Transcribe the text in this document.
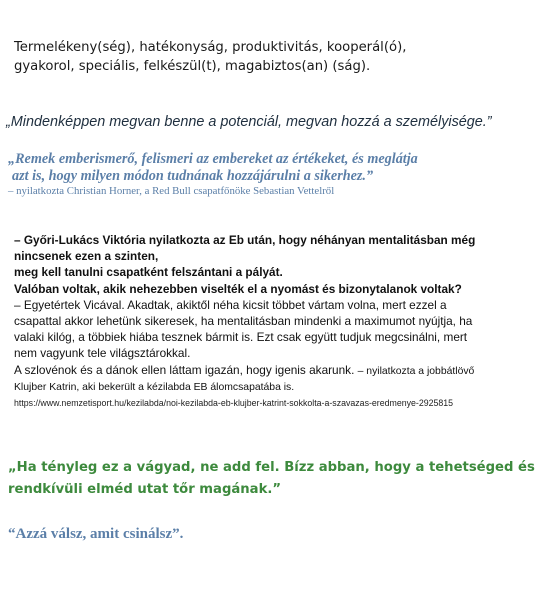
Termelékeny(ség), hatékonyság, produktivitás, kooperál(ó),
gyakorol, speciális, felkészül(t), magabiztos(an) (ság).
„Mindenképpen megvan benne a potenciál, megvan hozzá a személyisége.”
„Remek emberismerő, felismeri az embereket az értékeket, és meglátja
azt is, hogy milyen módon tudnának hozzájárulni a sikerhez.”
– nyilatkozta Christian Horner, a Red Bull csapatfőnöke Sebastian Vettelről
– Győri-Lukács Viktória nyilatkozta az Eb után, hogy néhányan mentalitásban még
nincsenek ezen a szinten,
meg kell tanulni csapatként felszántani a pályát.
Valóban voltak, akik nehezebben viselték el a nyomást és bizonytalanok voltak?
– Egyetértek Vicával. Akadtak, akiktől néha kicsit többet vártam volna, mert ezzel a
csapattal akkor lehetünk sikeresek, ha mentalitásban mindenki a maximumot nyújtja, ha
valaki kilóg, a többiek hiába tesznek bármit is. Ezt csak együtt tudjuk megcsinálni, mert
nem vagyunk tele világsztárokkal.
A szlovénok és a dánok ellen láttam igazán, hogy igenis akarunk. – nyilatkozta a jobbátlövő
Klujber Katrin, aki bekerült a kézilabda EB álomcsapatába is.
https://www.nemzetisport.hu/kezilabda/noi-kezilabda-eb-klujber-katrint-sokkolta-a-szavazas-eredmenye-2925815
„Ha tényleg ez a vágyad, ne add fel. Bízz abban, hogy a tehetséged és
rendkívüli elméd utat tőr magának.”
“Azzá válsz, amit csinálsz”.
